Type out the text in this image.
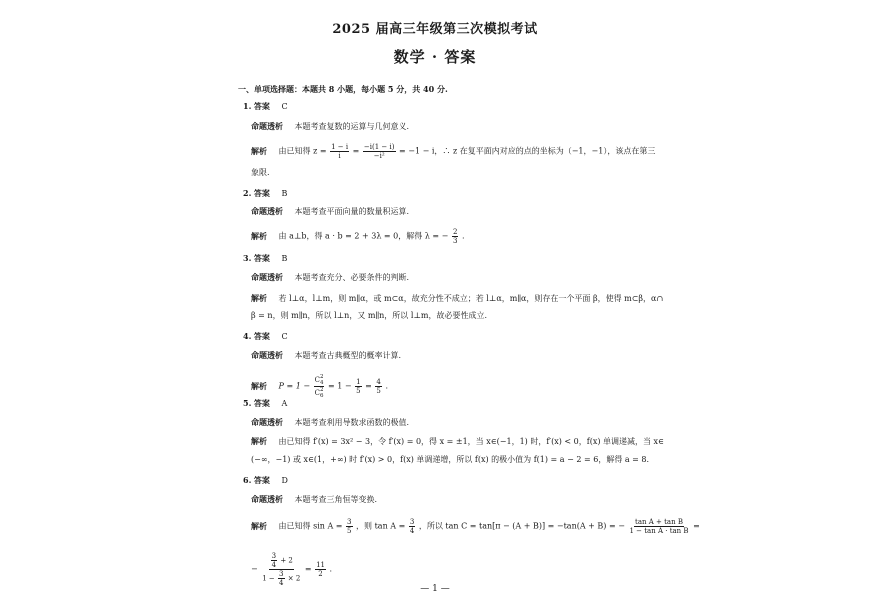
2025 届高三年级第三次模拟考试
数学 · 答案
一、单项选择题：本题共 8 小题，每小题 5 分，共 40 分.
1. 答案 C
命题透析 本题考查复数的运算与几何意义.
解析 由已知得 $z = \frac{1 - i}{i} = \frac{-i(1 - i)}{\text{−i²}} = -1 - i$，∴ z 在复平面内对应的点的坐标为（−1，−1），该点在第三
象限.
2. 答案 B
命题透析 本题考查平面向量的数量积运算.
解析 由 a⊥b，得 a · b = 2 + 3λ = 0，解得 λ = − $\frac{2}{3}$ .
3. 答案 B
命题透析 本题考查充分、必要条件的判断.
解析 若 l⊥α，l⊥m，则 m∥α，或 m⊂α，故充分性不成立；若 l⊥α，m∥α，则存在一个平面 β，使得 m⊂β，α∩
β = n，则 m∥n，所以 l⊥n，又 m∥n，所以 l⊥m，故必要性成立.
4. 答案 C
命题透析 本题考查古典概型的概率计算.
解析 P = 1 − C 2
4
C 2
$6 = 1 - \frac{1}{5} = \frac{4}{5}$ .
5. 答案 A
命题透析 本题考查利用导数求函数的极值.
解析 由已知得 f′(x) = 3x² − 3，令 f′(x) = 0，得 x = ±1，当 x∈(−1，1) 时，f′(x) < 0，f(x) 单调递减，当 x∈
(−∞，−1) 或 x∈(1，+∞) 时 f′(x) > 0，f(x) 单调递增，所以 f(x) 的极小值为 f(1) = a − 2 = 6，解得 a = 8.
6. 答案 D
命题透析 本题考查三角恒等变换.
解析 由已知得 $\sin A = \frac{3}{5}$ ，则 $\tan A = \frac{3}{4}$ ，所以 tan C = tan[π − (A + B)] = −tan(A + B) = − $\frac{\text{tan A + tan B}}{\text{1 − tan A · tan B}}$ =
− $\frac{\frac{3}{4} + 2}{1 - \frac{3}{4} \times 2} = \frac{11}{2}$ .
— 1 —
